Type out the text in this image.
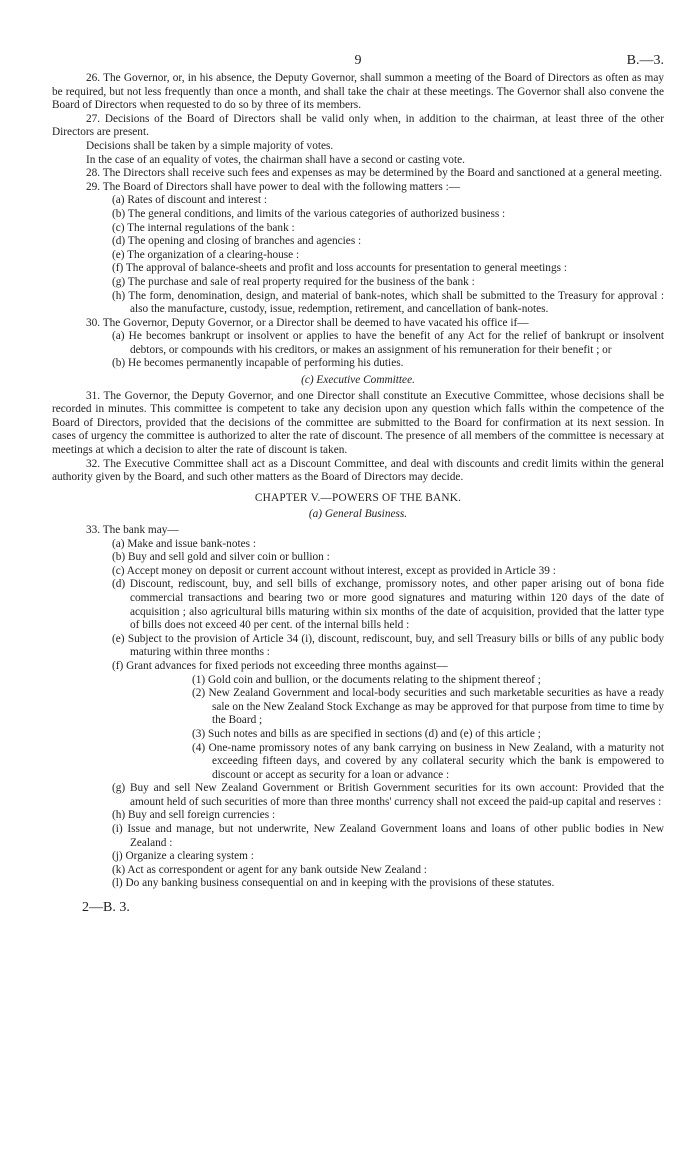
9	B.—3.

26. The Governor, or, in his absence, the Deputy Governor, shall summon a meeting of the Board of Directors as often as may be required, but not less frequently than once a month, and shall take the chair at these meetings. The Governor shall also convene the Board of Directors when requested to do so by three of its members.

27. Decisions of the Board of Directors shall be valid only when, in addition to the chairman, at least three of the other Directors are present.

Decisions shall be taken by a simple majority of votes.

In the case of an equality of votes, the chairman shall have a second or casting vote.

28. The Directors shall receive such fees and expenses as may be determined by the Board and sanctioned at a general meeting.

29. The Board of Directors shall have power to deal with the following matters :—

(a) Rates of discount and interest :

(b) The general conditions, and limits of the various categories of authorized business :

(c) The internal regulations of the bank :

(d) The opening and closing of branches and agencies :

(e) The organization of a clearing-house :

(f) The approval of balance-sheets and profit and loss accounts for presentation to general meetings :

(g) The purchase and sale of real property required for the business of the bank :

(h) The form, denomination, design, and material of bank-notes, which shall be submitted to the Treasury for approval : also the manufacture, custody, issue, redemption, retirement, and cancellation of bank-notes.

30. The Governor, Deputy Governor, or a Director shall be deemed to have vacated his office if—

(a) He becomes bankrupt or insolvent or applies to have the benefit of any Act for the relief of bankrupt or insolvent debtors, or compounds with his creditors, or makes an assignment of his remuneration for their benefit ; or

(b) He becomes permanently incapable of performing his duties.

(c) Executive Committee.

31. The Governor, the Deputy Governor, and one Director shall constitute an Executive Committee, whose decisions shall be recorded in minutes. This committee is competent to take any decision upon any question which falls within the competence of the Board of Directors, provided that the decisions of the committee are submitted to the Board for confirmation at its next session. In cases of urgency the committee is authorized to alter the rate of discount. The presence of all members of the committee is necessary at meetings at which a decision to alter the rate of discount is taken.

32. The Executive Committee shall act as a Discount Committee, and deal with discounts and credit limits within the general authority given by the Board, and such other matters as the Board of Directors may decide.

CHAPTER V.—POWERS OF THE BANK.

(a) General Business.

33. The bank may—

(a) Make and issue bank-notes :

(b) Buy and sell gold and silver coin or bullion :

(c) Accept money on deposit or current account without interest, except as provided in Article 39 :

(d) Discount, rediscount, buy, and sell bills of exchange, promissory notes, and other paper arising out of bona fide commercial transactions and bearing two or more good signatures and maturing within 120 days of the date of acquisition ; also agricultural bills maturing within six months of the date of acquisition, provided that the latter type of bills does not exceed 40 per cent. of the internal bills held :

(e) Subject to the provision of Article 34 (i), discount, rediscount, buy, and sell Treasury bills or bills of any public body maturing within three months :

(f) Grant advances for fixed periods not exceeding three months against—

(1) Gold coin and bullion, or the documents relating to the shipment thereof ;

(2) New Zealand Government and local-body securities and such marketable securities as have a ready sale on the New Zealand Stock Exchange as may be approved for that purpose from time to time by the Board ;

(3) Such notes and bills as are specified in sections (d) and (e) of this article ;

(4) One-name promissory notes of any bank carrying on business in New Zealand, with a maturity not exceeding fifteen days, and covered by any collateral security which the bank is empowered to discount or accept as security for a loan or advance :

(g) Buy and sell New Zealand Government or British Government securities for its own account: Provided that the amount held of such securities of more than three months' currency shall not exceed the paid-up capital and reserves :

(h) Buy and sell foreign currencies :

(i) Issue and manage, but not underwrite, New Zealand Government loans and loans of other public bodies in New Zealand :

(j) Organize a clearing system :

(k) Act as correspondent or agent for any bank outside New Zealand :

(l) Do any banking business consequential on and in keeping with the provisions of these statutes.

2—B. 3.
